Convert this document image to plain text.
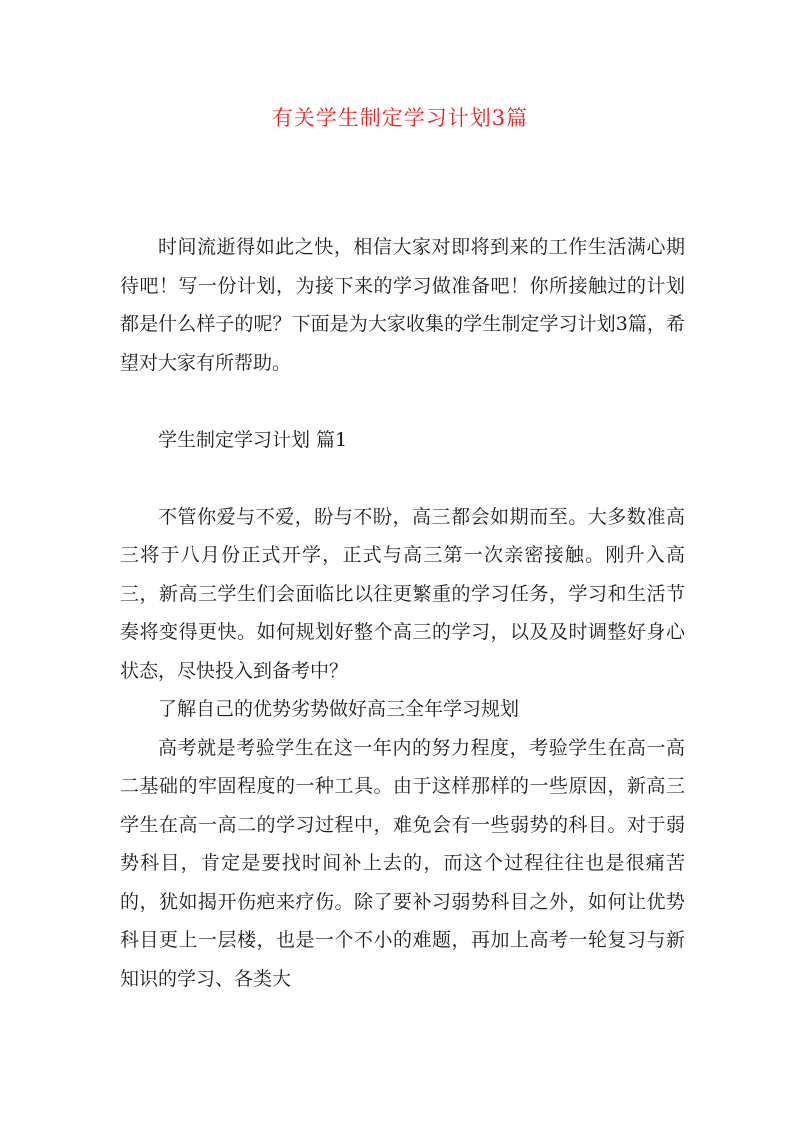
有关学生制定学习计划3篇

时间流逝得如此之快，相信大家对即将到来的工作生活满心期待吧！写一份计划，为接下来的学习做准备吧！你所接触过的计划都是什么样子的呢？下面是为大家收集的学生制定学习计划3篇，希望对大家有所帮助。

学生制定学习计划 篇1

不管你爱与不爱，盼与不盼，高三都会如期而至。大多数准高三将于八月份正式开学，正式与高三第一次亲密接触。刚升入高三，新高三学生们会面临比以往更繁重的学习任务，学习和生活节奏将变得更快。如何规划好整个高三的学习，以及及时调整好身心状态，尽快投入到备考中？

了解自己的优势劣势做好高三全年学习规划

高考就是考验学生在这一年内的努力程度，考验学生在高一高二基础的牢固程度的一种工具。由于这样那样的一些原因，新高三学生在高一高二的学习过程中，难免会有一些弱势的科目。对于弱势科目，肯定是要找时间补上去的，而这个过程往往也是很痛苦的，犹如揭开伤疤来疗伤。除了要补习弱势科目之外，如何让优势科目更上一层楼，也是一个不小的难题，再加上高考一轮复习与新知识的学习、各类大
